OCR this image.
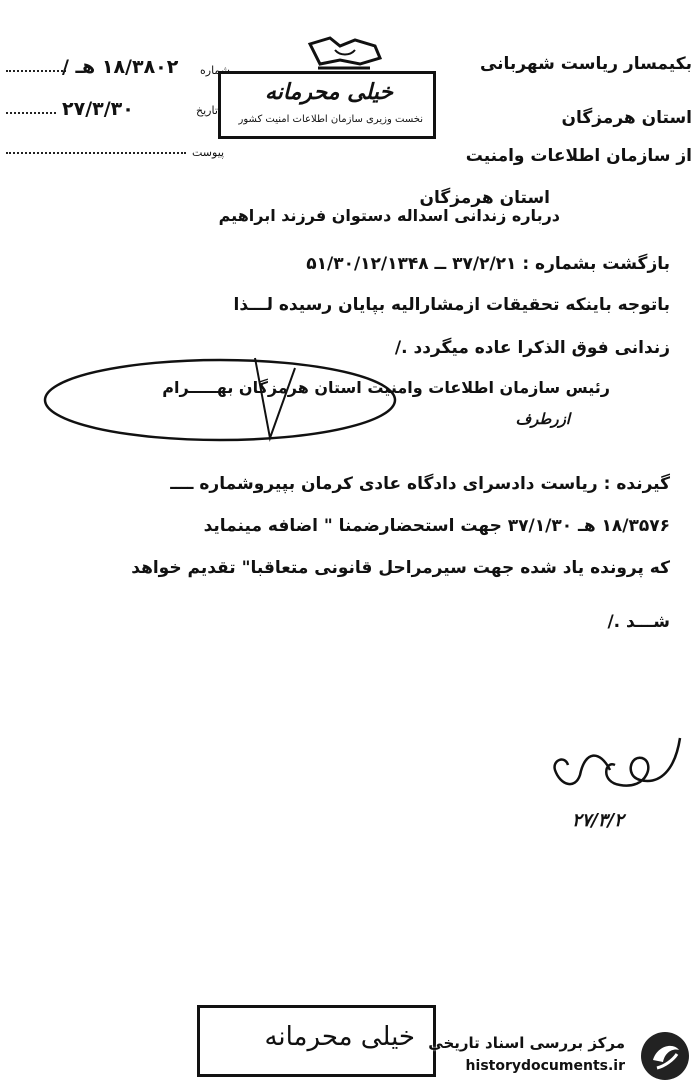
بکیمسار ریاست شهربانی
۱۸/۳۸۰۲ هـ / شماره
خیلی محرمانه
نخست وزیری سازمان اطلاعات امنیت کشور	استان هرمزگان
تاریخ
۲۷/۳/۳۰
از سازمان اطلاعات وامنیت
پیوست
استان هرمزگان
درباره زندانی اسداله دستوان فرزند ابراهیم
بازگشت بشماره : ۳۷/۲/۲۱ ــ ۵۱/۳۰/۱۲/۱۳۴۸
باتوجه باینکه تحقیقات ازمشارالیه بپایان رسیده لـــذا
زندانی فوق الذکرا عاده میگردد ./
رئیس سازمان اطلاعات وامنیت استان هرمزگان بهـــــرام
ازرطرف
گیرنده : ریاست دادسرای دادگاه عادی کرمان بپیروشماره ــــ
۱۸/۳۵۷۶ هـ ۳۷/۱/۳۰ جهت استحضارضمنا " اضافه مینماید
که پرونده یاد شده جهت سیرمراحل قانونی متعاقبا" تقدیم خواهد
شـــد ./
۲۷/۳/۲
خیلی محرمانه مرکز بررسی اسناد تاریخی
historydocuments.ir
